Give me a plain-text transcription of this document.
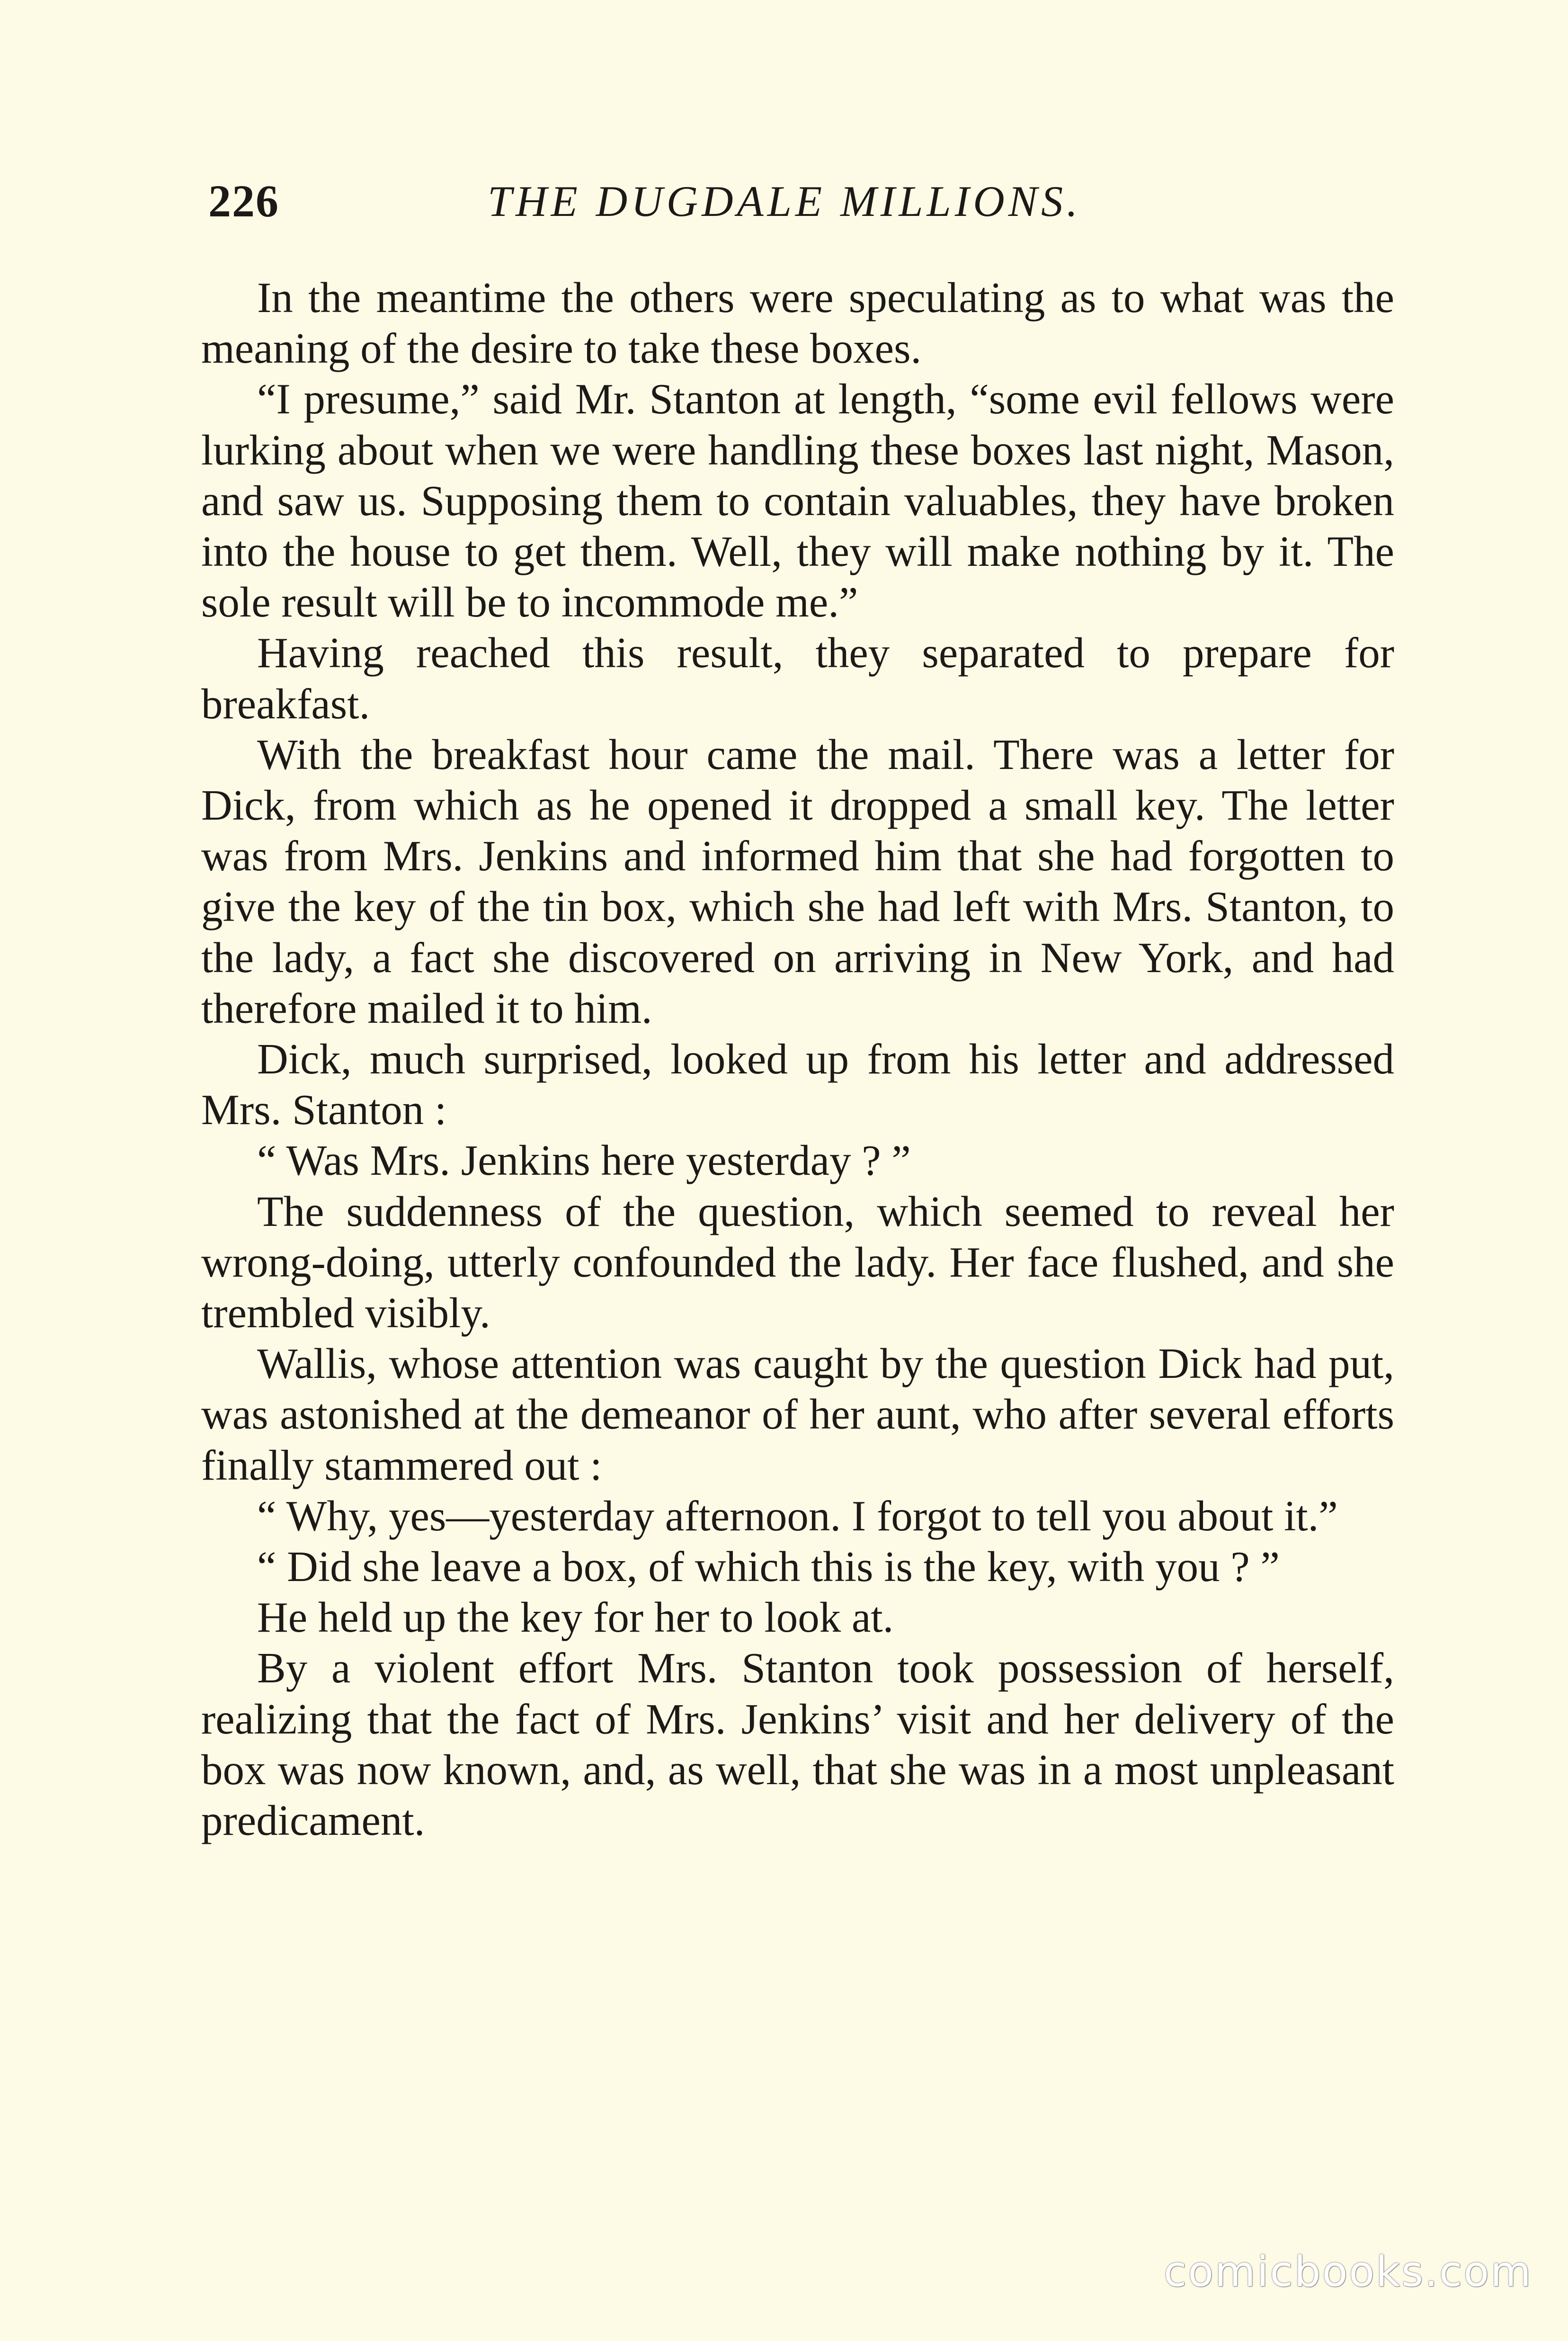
226	THE DUGDALE MILLIONS.

In the meantime the others were speculating as to what was the meaning of the desire to take these boxes.

“I presume,” said Mr. Stanton at length, “some evil fellows were lurking about when we were handling these boxes last night, Mason, and saw us. Supposing them to contain valuables, they have broken into the house to get them. Well, they will make nothing by it. The sole result will be to incommode me.”

Having reached this result, they separated to prepare for breakfast.

With the breakfast hour came the mail. There was a letter for Dick, from which as he opened it dropped a small key. The letter was from Mrs. Jenkins and informed him that she had forgotten to give the key of the tin box, which she had left with Mrs. Stanton, to the lady, a fact she discovered on arriving in New York, and had therefore mailed it to him.

Dick, much surprised, looked up from his letter and addressed Mrs. Stanton :

“ Was Mrs. Jenkins here yesterday ? ”

The suddenness of the question, which seemed to reveal her wrong-doing, utterly confounded the lady. Her face flushed, and she trembled visibly.

Wallis, whose attention was caught by the question Dick had put, was astonished at the demeanor of her aunt, who after several efforts finally stammered out :

“ Why, yes—yesterday afternoon. I forgot to tell you about it.”

“ Did she leave a box, of which this is the key, with you ? ”

He held up the key for her to look at.

By a violent effort Mrs. Stanton took possession of herself, realizing that the fact of Mrs. Jenkins’ visit and her delivery of the box was now known, and, as well, that she was in a most unpleasant predicament.

comicbooks.com
